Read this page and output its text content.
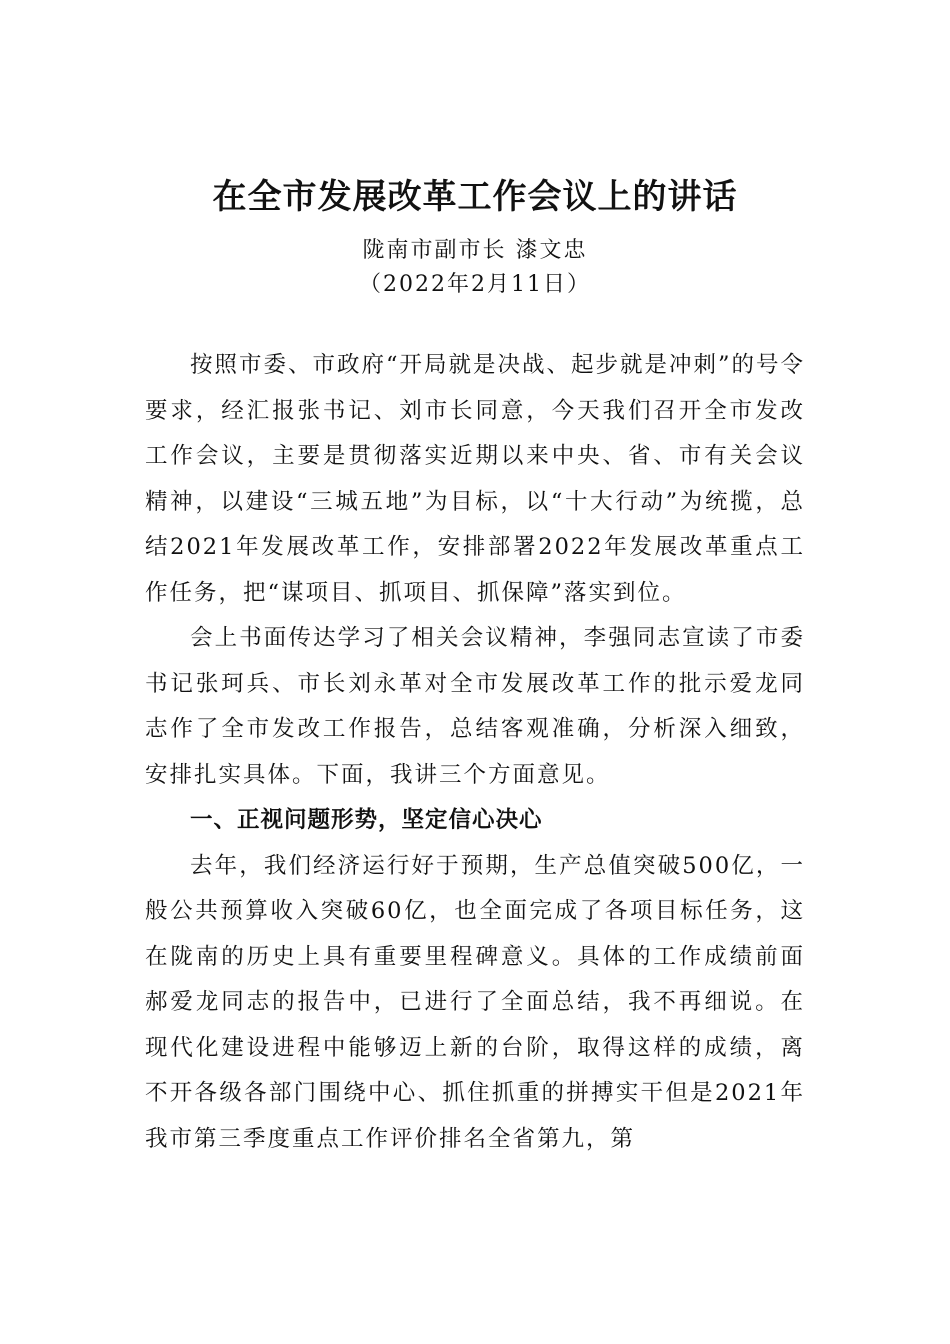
在全市发展改革工作会议上的讲话

陇南市副市长 漆文忠

（2022年2月11日）

按照市委、市政府“开局就是决战、起步就是冲刺”的号令要求，经汇报张书记、刘市长同意，今天我们召开全市发改工作会议，主要是贯彻落实近期以来中央、省、市有关会议精神，以建设“三城五地”为目标，以“十大行动”为统揽，总结2021年发展改革工作，安排部署2022年发展改革重点工作任务，把“谋项目、抓项目、抓保障”落实到位。

会上书面传达学习了相关会议精神，李强同志宣读了市委书记张珂兵、市长刘永革对全市发展改革工作的批示爱龙同志作了全市发改工作报告，总结客观准确，分析深入细致，安排扎实具体。下面，我讲三个方面意见。

一、正视问题形势，坚定信心决心

去年，我们经济运行好于预期，生产总值突破500亿，一般公共预算收入突破60亿，也全面完成了各项目标任务，这在陇南的历史上具有重要里程碑意义。具体的工作成绩前面郝爱龙同志的报告中，已进行了全面总结，我不再细说。在现代化建设进程中能够迈上新的台阶，取得这样的成绩，离不开各级各部门围绕中心、抓住抓重的拼搏实干但是2021年我市第三季度重点工作评价排名全省第九，第
